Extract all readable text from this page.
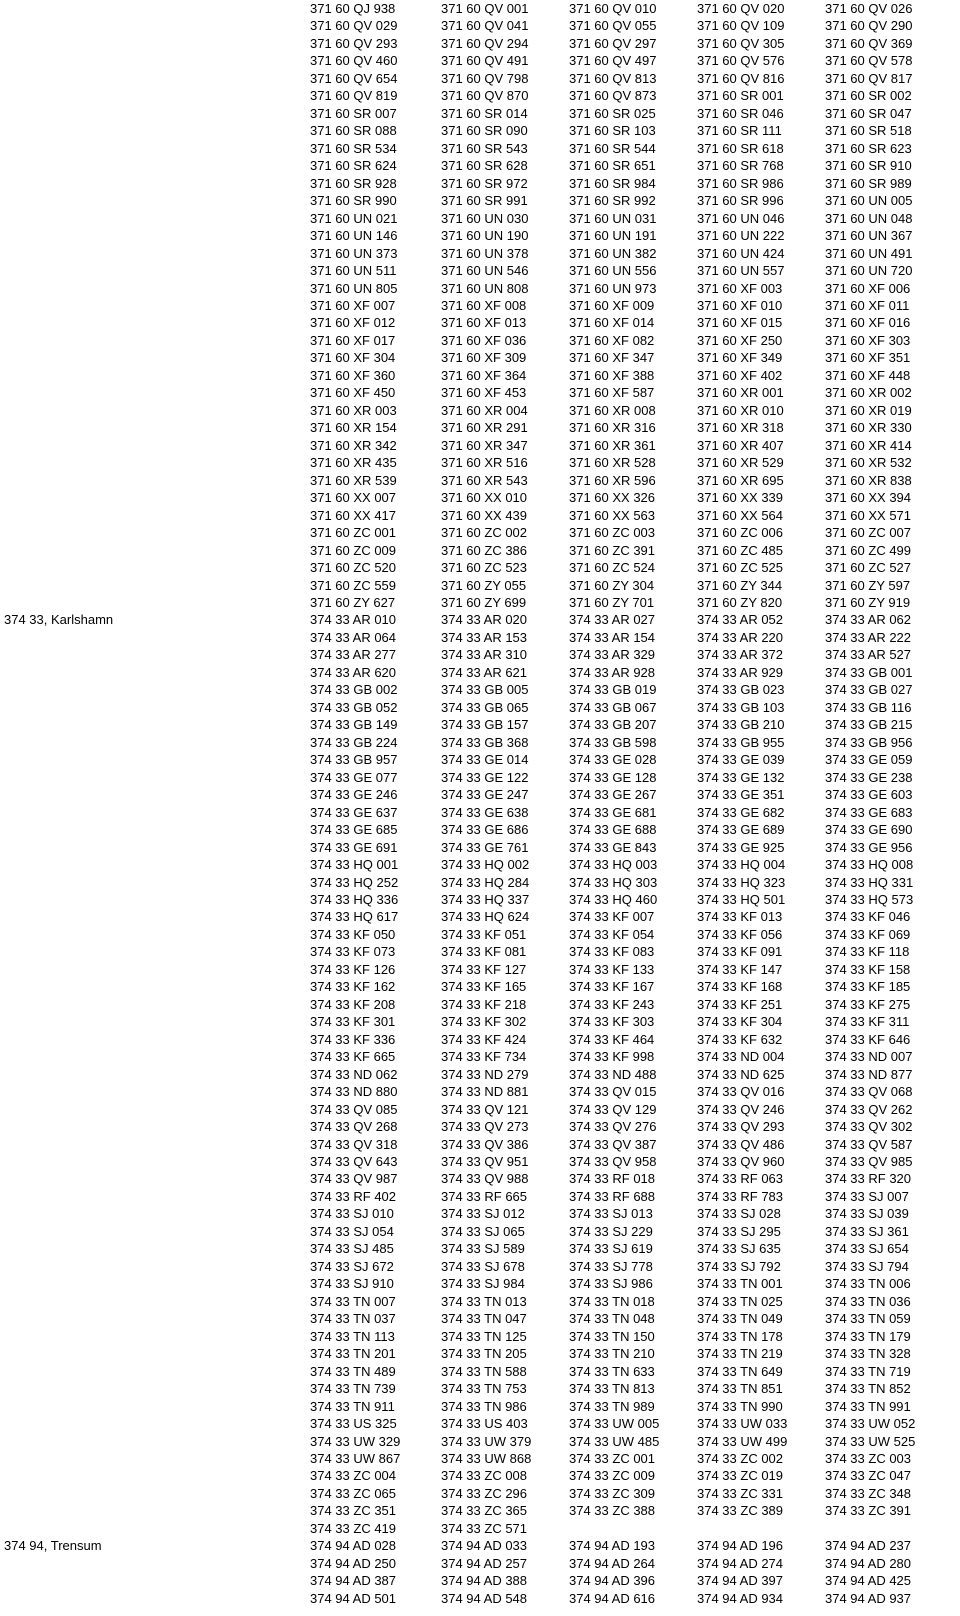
371 60 QJ 938	371 60 QV 001	371 60 QV 010	371 60 QV 020	371 60 QV 026
371 60 QV 029	371 60 QV 041	371 60 QV 055	371 60 QV 109	371 60 QV 290
371 60 QV 293	371 60 QV 294	371 60 QV 297	371 60 QV 305	371 60 QV 369
371 60 QV 460	371 60 QV 491	371 60 QV 497	371 60 QV 576	371 60 QV 578
371 60 QV 654	371 60 QV 798	371 60 QV 813	371 60 QV 816	371 60 QV 817
371 60 QV 819	371 60 QV 870	371 60 QV 873	371 60 SR 001	371 60 SR 002
371 60 SR 007	371 60 SR 014	371 60 SR 025	371 60 SR 046	371 60 SR 047
371 60 SR 088	371 60 SR 090	371 60 SR 103	371 60 SR 111	371 60 SR 518
371 60 SR 534	371 60 SR 543	371 60 SR 544	371 60 SR 618	371 60 SR 623
371 60 SR 624	371 60 SR 628	371 60 SR 651	371 60 SR 768	371 60 SR 910
371 60 SR 928	371 60 SR 972	371 60 SR 984	371 60 SR 986	371 60 SR 989
371 60 SR 990	371 60 SR 991	371 60 SR 992	371 60 SR 996	371 60 UN 005
371 60 UN 021	371 60 UN 030	371 60 UN 031	371 60 UN 046	371 60 UN 048
371 60 UN 146	371 60 UN 190	371 60 UN 191	371 60 UN 222	371 60 UN 367
371 60 UN 373	371 60 UN 378	371 60 UN 382	371 60 UN 424	371 60 UN 491
371 60 UN 511	371 60 UN 546	371 60 UN 556	371 60 UN 557	371 60 UN 720
371 60 UN 805	371 60 UN 808	371 60 UN 973	371 60 XF 003	371 60 XF 006
371 60 XF 007	371 60 XF 008	371 60 XF 009	371 60 XF 010	371 60 XF 011
371 60 XF 012	371 60 XF 013	371 60 XF 014	371 60 XF 015	371 60 XF 016
371 60 XF 017	371 60 XF 036	371 60 XF 082	371 60 XF 250	371 60 XF 303
371 60 XF 304	371 60 XF 309	371 60 XF 347	371 60 XF 349	371 60 XF 351
371 60 XF 360	371 60 XF 364	371 60 XF 388	371 60 XF 402	371 60 XF 448
371 60 XF 450	371 60 XF 453	371 60 XF 587	371 60 XR 001	371 60 XR 002
371 60 XR 003	371 60 XR 004	371 60 XR 008	371 60 XR 010	371 60 XR 019
371 60 XR 154	371 60 XR 291	371 60 XR 316	371 60 XR 318	371 60 XR 330
371 60 XR 342	371 60 XR 347	371 60 XR 361	371 60 XR 407	371 60 XR 414
371 60 XR 435	371 60 XR 516	371 60 XR 528	371 60 XR 529	371 60 XR 532
371 60 XR 539	371 60 XR 543	371 60 XR 596	371 60 XR 695	371 60 XR 838
371 60 XX 007	371 60 XX 010	371 60 XX 326	371 60 XX 339	371 60 XX 394
371 60 XX 417	371 60 XX 439	371 60 XX 563	371 60 XX 564	371 60 XX 571
371 60 ZC 001	371 60 ZC 002	371 60 ZC 003	371 60 ZC 006	371 60 ZC 007
371 60 ZC 009	371 60 ZC 386	371 60 ZC 391	371 60 ZC 485	371 60 ZC 499
371 60 ZC 520	371 60 ZC 523	371 60 ZC 524	371 60 ZC 525	371 60 ZC 527
371 60 ZC 559	371 60 ZY 055	371 60 ZY 304	371 60 ZY 344	371 60 ZY 597
371 60 ZY 627	371 60 ZY 699	371 60 ZY 701	371 60 ZY 820	371 60 ZY 919
374 33, Karlshamn	374 33 AR 010	374 33 AR 020	374 33 AR 027	374 33 AR 052	374 33 AR 062
374 33 AR 064	374 33 AR 153	374 33 AR 154	374 33 AR 220	374 33 AR 222
374 33 AR 277	374 33 AR 310	374 33 AR 329	374 33 AR 372	374 33 AR 527
374 33 AR 620	374 33 AR 621	374 33 AR 928	374 33 AR 929	374 33 GB 001
374 33 GB 002	374 33 GB 005	374 33 GB 019	374 33 GB 023	374 33 GB 027
374 33 GB 052	374 33 GB 065	374 33 GB 067	374 33 GB 103	374 33 GB 116
374 33 GB 149	374 33 GB 157	374 33 GB 207	374 33 GB 210	374 33 GB 215
374 33 GB 224	374 33 GB 368	374 33 GB 598	374 33 GB 955	374 33 GB 956
374 33 GB 957	374 33 GE 014	374 33 GE 028	374 33 GE 039	374 33 GE 059
374 33 GE 077	374 33 GE 122	374 33 GE 128	374 33 GE 132	374 33 GE 238
374 33 GE 246	374 33 GE 247	374 33 GE 267	374 33 GE 351	374 33 GE 603
374 33 GE 637	374 33 GE 638	374 33 GE 681	374 33 GE 682	374 33 GE 683
374 33 GE 685	374 33 GE 686	374 33 GE 688	374 33 GE 689	374 33 GE 690
374 33 GE 691	374 33 GE 761	374 33 GE 843	374 33 GE 925	374 33 GE 956
374 33 HQ 001	374 33 HQ 002	374 33 HQ 003	374 33 HQ 004	374 33 HQ 008
374 33 HQ 252	374 33 HQ 284	374 33 HQ 303	374 33 HQ 323	374 33 HQ 331
374 33 HQ 336	374 33 HQ 337	374 33 HQ 460	374 33 HQ 501	374 33 HQ 573
374 33 HQ 617	374 33 HQ 624	374 33 KF 007	374 33 KF 013	374 33 KF 046
374 33 KF 050	374 33 KF 051	374 33 KF 054	374 33 KF 056	374 33 KF 069
374 33 KF 073	374 33 KF 081	374 33 KF 083	374 33 KF 091	374 33 KF 118
374 33 KF 126	374 33 KF 127	374 33 KF 133	374 33 KF 147	374 33 KF 158
374 33 KF 162	374 33 KF 165	374 33 KF 167	374 33 KF 168	374 33 KF 185
374 33 KF 208	374 33 KF 218	374 33 KF 243	374 33 KF 251	374 33 KF 275
374 33 KF 301	374 33 KF 302	374 33 KF 303	374 33 KF 304	374 33 KF 311
374 33 KF 336	374 33 KF 424	374 33 KF 464	374 33 KF 632	374 33 KF 646
374 33 KF 665	374 33 KF 734	374 33 KF 998	374 33 ND 004	374 33 ND 007
374 33 ND 062	374 33 ND 279	374 33 ND 488	374 33 ND 625	374 33 ND 877
374 33 ND 880	374 33 ND 881	374 33 QV 015	374 33 QV 016	374 33 QV 068
374 33 QV 085	374 33 QV 121	374 33 QV 129	374 33 QV 246	374 33 QV 262
374 33 QV 268	374 33 QV 273	374 33 QV 276	374 33 QV 293	374 33 QV 302
374 33 QV 318	374 33 QV 386	374 33 QV 387	374 33 QV 486	374 33 QV 587
374 33 QV 643	374 33 QV 951	374 33 QV 958	374 33 QV 960	374 33 QV 985
374 33 QV 987	374 33 QV 988	374 33 RF 018	374 33 RF 063	374 33 RF 320
374 33 RF 402	374 33 RF 665	374 33 RF 688	374 33 RF 783	374 33 SJ 007
374 33 SJ 010	374 33 SJ 012	374 33 SJ 013	374 33 SJ 028	374 33 SJ 039
374 33 SJ 054	374 33 SJ 065	374 33 SJ 229	374 33 SJ 295	374 33 SJ 361
374 33 SJ 485	374 33 SJ 589	374 33 SJ 619	374 33 SJ 635	374 33 SJ 654
374 33 SJ 672	374 33 SJ 678	374 33 SJ 778	374 33 SJ 792	374 33 SJ 794
374 33 SJ 910	374 33 SJ 984	374 33 SJ 986	374 33 TN 001	374 33 TN 006
374 33 TN 007	374 33 TN 013	374 33 TN 018	374 33 TN 025	374 33 TN 036
374 33 TN 037	374 33 TN 047	374 33 TN 048	374 33 TN 049	374 33 TN 059
374 33 TN 113	374 33 TN 125	374 33 TN 150	374 33 TN 178	374 33 TN 179
374 33 TN 201	374 33 TN 205	374 33 TN 210	374 33 TN 219	374 33 TN 328
374 33 TN 489	374 33 TN 588	374 33 TN 633	374 33 TN 649	374 33 TN 719
374 33 TN 739	374 33 TN 753	374 33 TN 813	374 33 TN 851	374 33 TN 852
374 33 TN 911	374 33 TN 986	374 33 TN 989	374 33 TN 990	374 33 TN 991
374 33 US 325	374 33 US 403	374 33 UW 005	374 33 UW 033	374 33 UW 052
374 33 UW 329	374 33 UW 379	374 33 UW 485	374 33 UW 499	374 33 UW 525
374 33 UW 867	374 33 UW 868	374 33 ZC 001	374 33 ZC 002	374 33 ZC 003
374 33 ZC 004	374 33 ZC 008	374 33 ZC 009	374 33 ZC 019	374 33 ZC 047
374 33 ZC 065	374 33 ZC 296	374 33 ZC 309	374 33 ZC 331	374 33 ZC 348
374 33 ZC 351	374 33 ZC 365	374 33 ZC 388	374 33 ZC 389	374 33 ZC 391
374 33 ZC 419	374 33 ZC 571
374 94, Trensum	374 94 AD 028	374 94 AD 033	374 94 AD 193	374 94 AD 196	374 94 AD 237
374 94 AD 250	374 94 AD 257	374 94 AD 264	374 94 AD 274	374 94 AD 280
374 94 AD 387	374 94 AD 388	374 94 AD 396	374 94 AD 397	374 94 AD 425
374 94 AD 501	374 94 AD 548	374 94 AD 616	374 94 AD 934	374 94 AD 937
